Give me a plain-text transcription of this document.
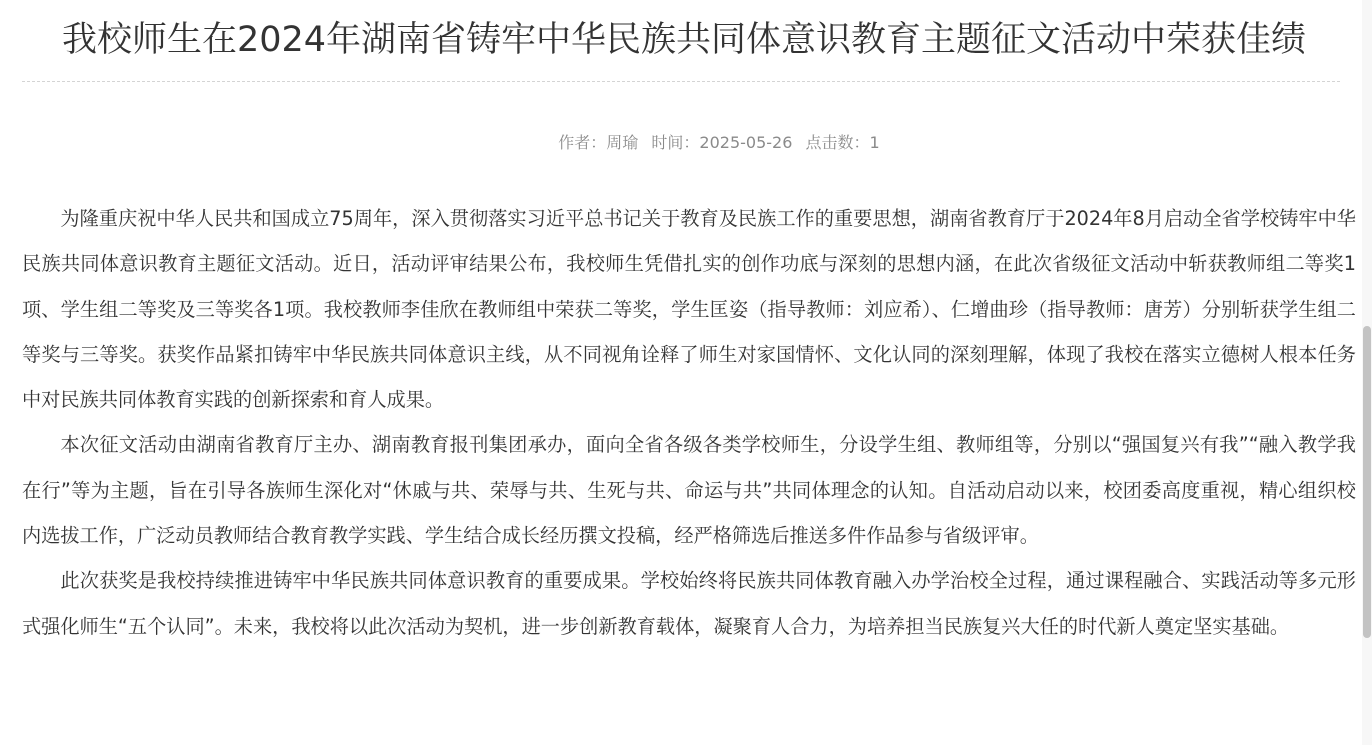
我校师生在2024年湖南省铸牢中华民族共同体意识教育主题征文活动中荣获佳绩
作者：周瑜 时间：2025-05-26 点击数：1

为隆重庆祝中华人民共和国成立75周年，深入贯彻落实习近平总书记关于教育及民族工作的重要思想，湖南省教育厅于2024年8月启动全省学校铸牢中华民族共同体意识教育主题征文活动。近日，活动评审结果公布，我校师生凭借扎实的创作功底与深刻的思想内涵，在此次省级征文活动中斩获教师组二等奖1项、学生组二等奖及三等奖各1项。我校教师李佳欣在教师组中荣获二等奖，学生匡姿（指导教师：刘应希）、仁增曲珍（指导教师：唐芳）分别斩获学生组二等奖与三等奖。获奖作品紧扣铸牢中华民族共同体意识主线，从不同视角诠释了师生对家国情怀、文化认同的深刻理解，体现了我校在落实立德树人根本任务中对民族共同体教育实践的创新探索和育人成果。

本次征文活动由湖南省教育厅主办、湖南教育报刊集团承办，面向全省各级各类学校师生，分设学生组、教师组等，分别以“强国复兴有我”“融入教学我在行”等为主题，旨在引导各族师生深化对“休戚与共、荣辱与共、生死与共、命运与共”共同体理念的认知。自活动启动以来，校团委高度重视，精心组织校内选拔工作，广泛动员教师结合教育教学实践、学生结合成长经历撰文投稿，经严格筛选后推送多件作品参与省级评审。

此次获奖是我校持续推进铸牢中华民族共同体意识教育的重要成果。学校始终将民族共同体教育融入办学治校全过程，通过课程融合、实践活动等多元形式强化师生“五个认同”。未来，我校将以此次活动为契机，进一步创新教育载体，凝聚育人合力，为培养担当民族复兴大任的时代新人奠定坚实基础。
